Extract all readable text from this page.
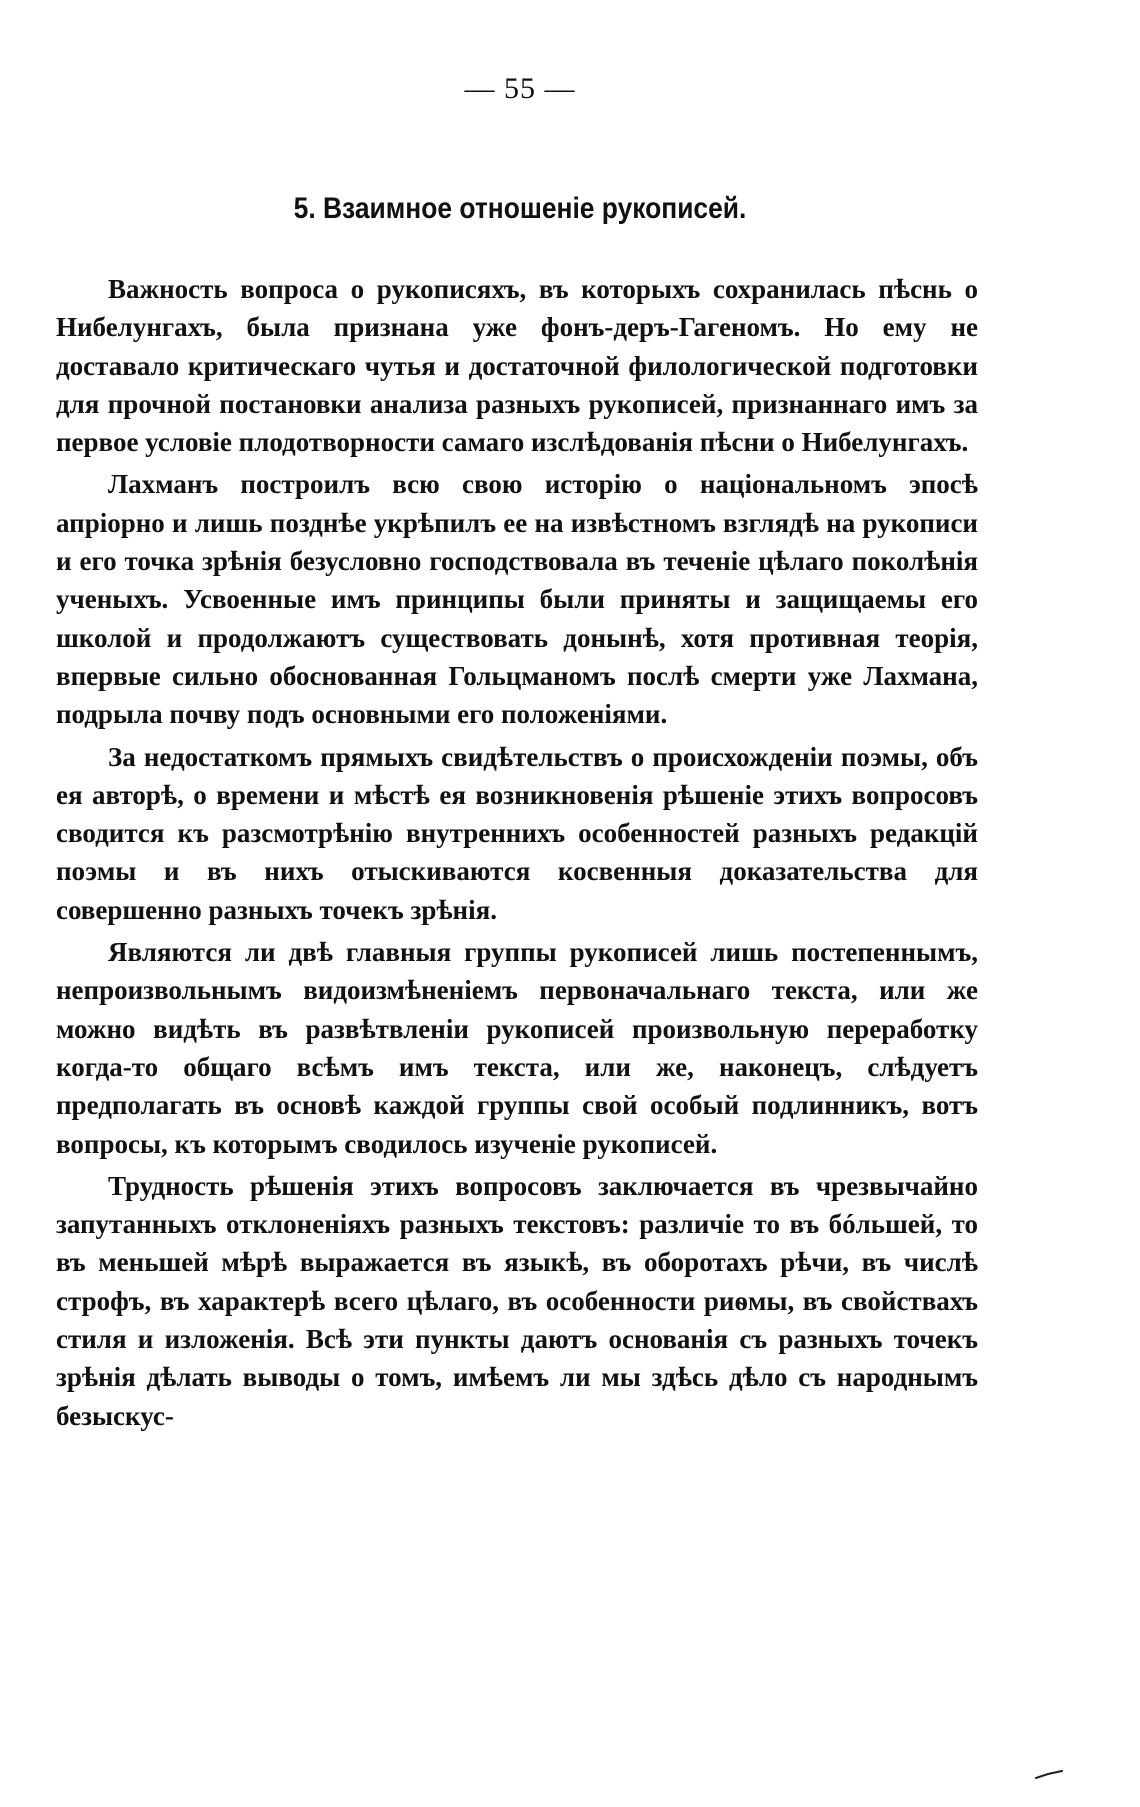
— 55 —
5. Взаимное отношеніе рукописей.

Важность вопроса о рукописяхъ, въ которыхъ сохранилась пѣснь о Нибелунгахъ, была признана уже фонъ-деръ-Гагеномъ. Но ему не доставало критическаго чутья и достаточной филологической подготовки для прочной постановки анализа разныхъ рукописей, признаннаго имъ за первое условіе плодотворности самаго изслѣдованія пѣсни о Нибелунгахъ.

Лахманъ построилъ всю свою исторію о національномъ эпосѣ апріорно и лишь позднѣе укрѣпилъ ее на извѣстномъ взглядѣ на рукописи и его точка зрѣнія безусловно господствовала въ теченіе цѣлаго поколѣнія ученыхъ. Усвоенные имъ принципы были приняты и защищаемы его школой и продолжаютъ существовать донынѣ, хотя противная теорія, впервые сильно обоснованная Гольцманомъ послѣ смерти уже Лахмана, подрыла почву подъ основными его положеніями.

За недостаткомъ прямыхъ свидѣтельствъ о происхожденіи поэмы, объ ея авторѣ, о времени и мѣстѣ ея возникновенія рѣшеніе этихъ вопросовъ сводится къ разсмотрѣнію внутреннихъ особенностей разныхъ редакцій поэмы и въ нихъ отыскиваются косвенныя доказательства для совершенно разныхъ точекъ зрѣнія.

Являются ли двѣ главныя группы рукописей лишь постепеннымъ, непроизвольнымъ видоизмѣненіемъ первоначальнаго текста, или же можно видѣть въ развѣтвленіи рукописей произвольную переработку когда-то общаго всѣмъ имъ текста, или же, наконецъ, слѣдуетъ предполагать въ основѣ каждой группы свой особый подлинникъ, вотъ вопросы, къ которымъ сводилось изученіе рукописей.

Трудность рѣшенія этихъ вопросовъ заключается въ чрезвычайно запутанныхъ отклоненіяхъ разныхъ текстовъ: различіе то въ бóльшей, то въ меньшей мѣрѣ выражается въ языкѣ, въ оборотахъ рѣчи, въ числѣ строфъ, въ характерѣ всего цѣлаго, въ особенности риѳмы, въ свойствахъ стиля и изложенія. Всѣ эти пункты даютъ основанія съ разныхъ точекъ зрѣнія дѣлать выводы о томъ, имѣемъ ли мы здѣсь дѣло съ народнымъ безыскус-
